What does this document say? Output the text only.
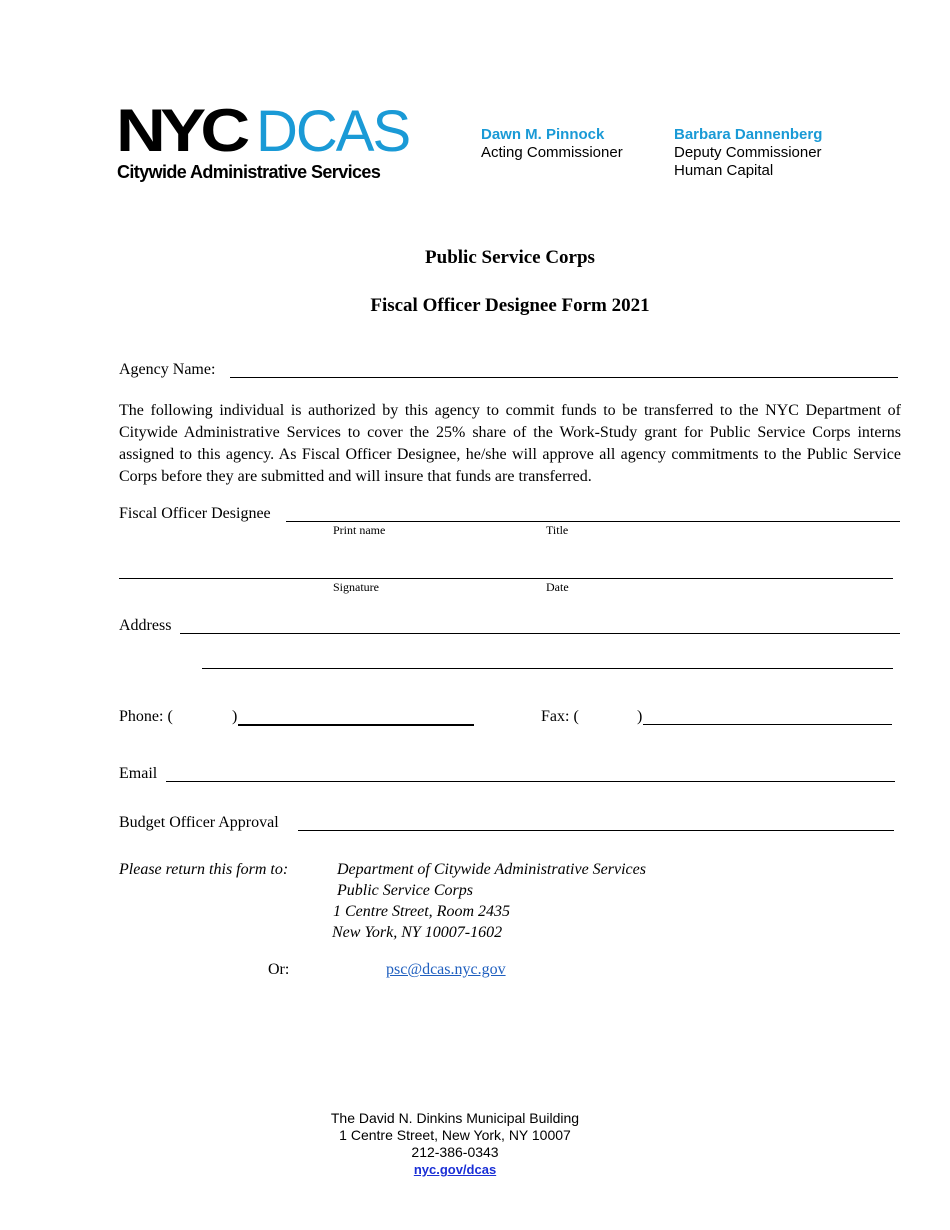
NYC DCAS
Citywide Administrative Services
Dawn M. Pinnock
Acting Commissioner
Barbara Dannenberg
Deputy Commissioner
Human Capital
Public Service Corps
Fiscal Officer Designee Form 2021
Agency Name:
The following individual is authorized by this agency to commit funds to be transferred to the NYC Department of Citywide Administrative Services to cover the 25% share of the Work-Study grant for Public Service Corps interns assigned to this agency. As Fiscal Officer Designee, he/she will approve all agency commitments to the Public Service Corps before they are submitted and will insure that funds are transferred.
Fiscal Officer Designee
Print name	Title
Signature	Date
Address
Phone: (	)	Fax: (	)
Email
Budget Officer Approval
Please return this form to:	Department of Citywide Administrative Services
Public Service Corps
1 Centre Street, Room 2435
New York, NY 10007-1602
Or:	psc@dcas.nyc.gov
The David N. Dinkins Municipal Building
1 Centre Street, New York, NY 10007
212-386-0343
nyc.gov/dcas
